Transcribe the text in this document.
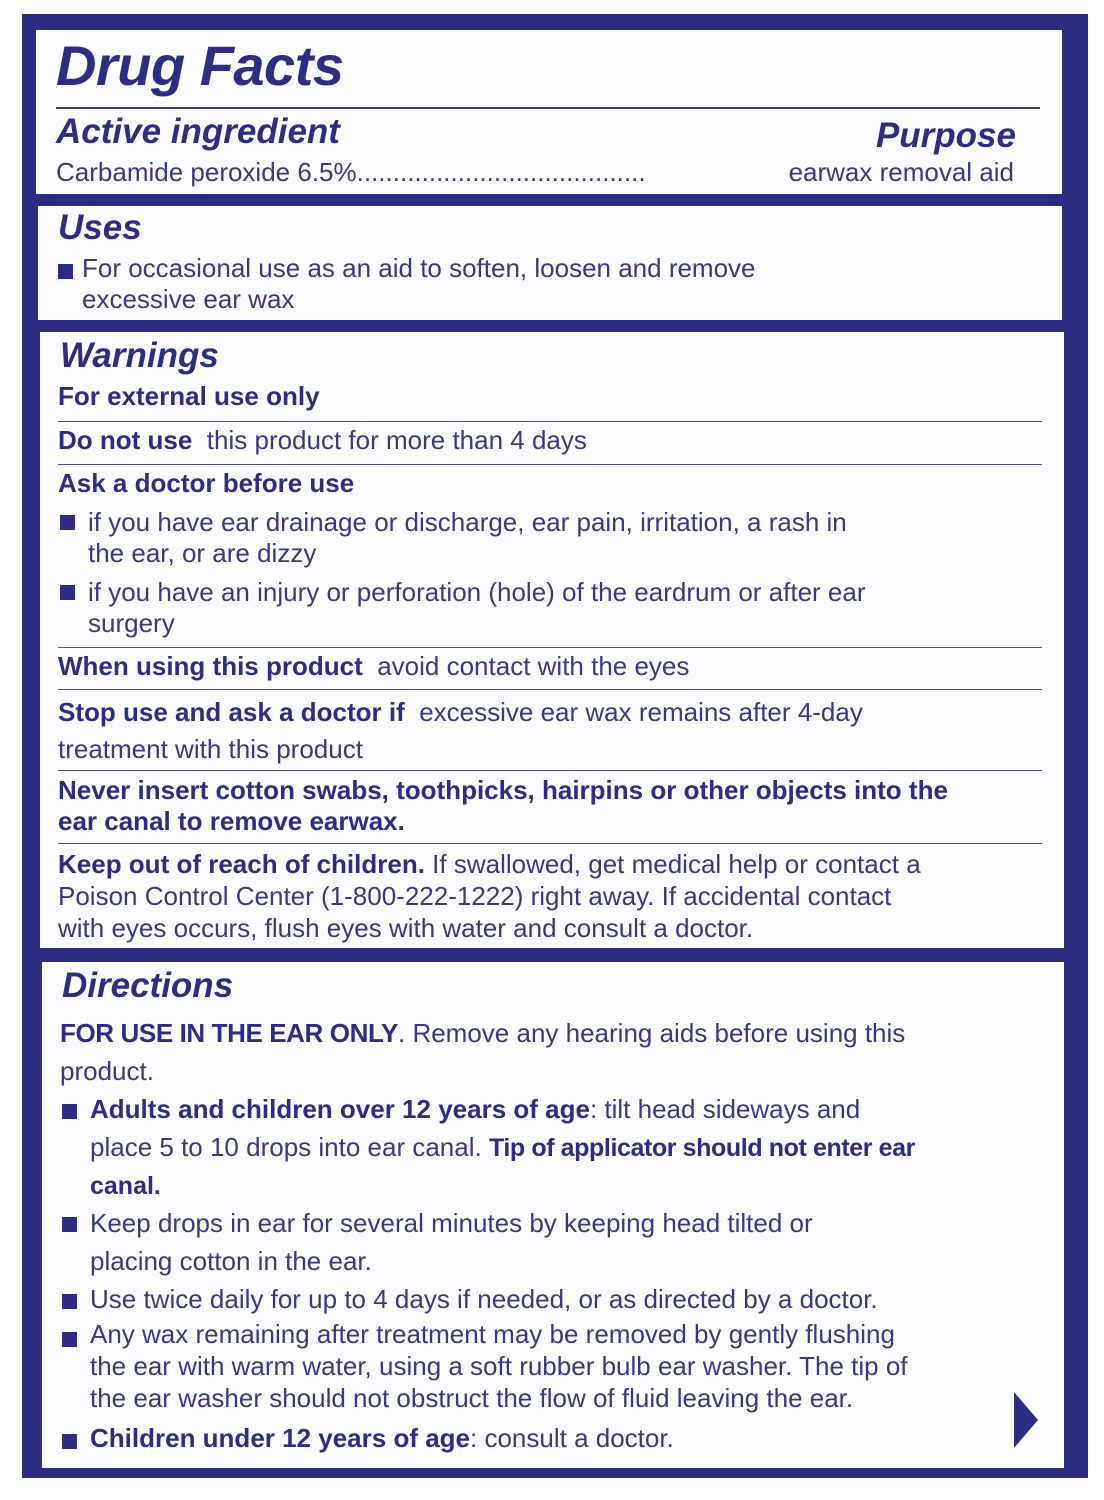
Drug Facts
Active ingredient	Purpose
Carbamide peroxide 6.5%........................................	earwax removal aid
Uses
For occasional use as an aid to soften, loosen and remove
excessive ear wax
Warnings
For external use only
Do not use this product for more than 4 days
Ask a doctor before use
if you have ear drainage or discharge, ear pain, irritation, a rash in
the ear, or are dizzy
if you have an injury or perforation (hole) of the eardrum or after ear
surgery
When using this product avoid contact with the eyes
Stop use and ask a doctor if excessive ear wax remains after 4-day
treatment with this product
Never insert cotton swabs, toothpicks, hairpins or other objects into the
ear canal to remove earwax.
Keep out of reach of children. If swallowed, get medical help or contact a
Poison Control Center (1-800-222-1222) right away. If accidental contact
with eyes occurs, flush eyes with water and consult a doctor.
Directions
FOR USE IN THE EAR ONLY. Remove any hearing aids before using this
product.
Adults and children over 12 years of age: tilt head sideways and
place 5 to 10 drops into ear canal. Tip of applicator should not enter ear
canal.
Keep drops in ear for several minutes by keeping head tilted or
placing cotton in the ear.
Use twice daily for up to 4 days if needed, or as directed by a doctor.
Any wax remaining after treatment may be removed by gently flushing
the ear with warm water, using a soft rubber bulb ear washer. The tip of
the ear washer should not obstruct the flow of fluid leaving the ear.
Children under 12 years of age: consult a doctor.
